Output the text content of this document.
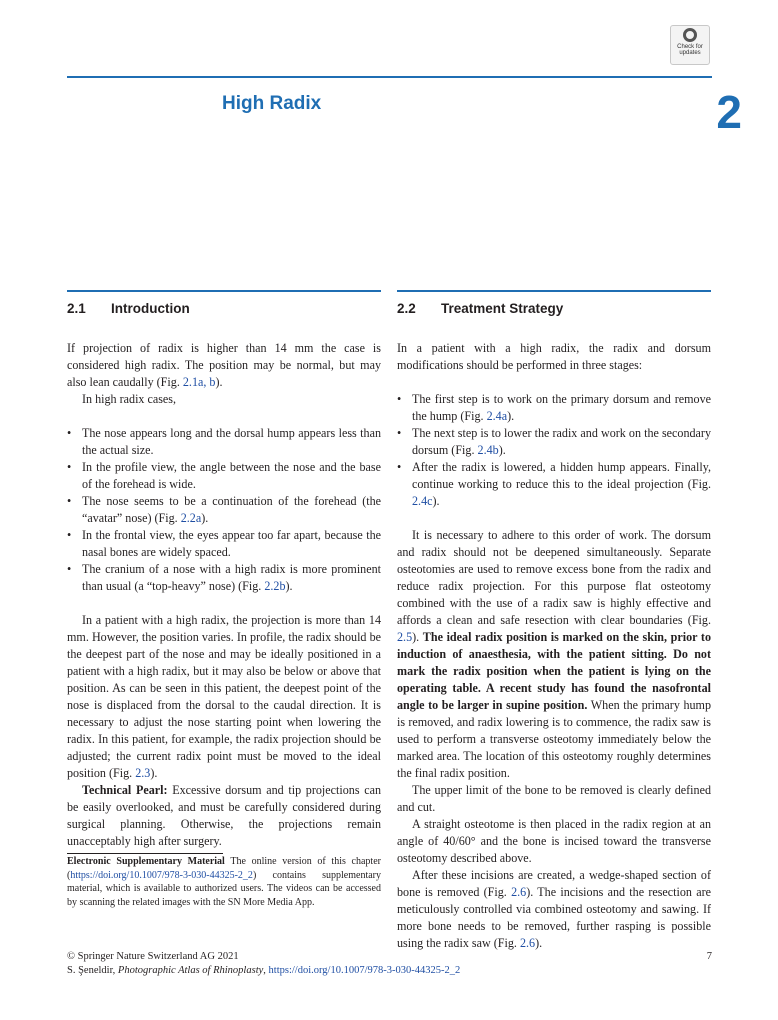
Check for
updates
High Radix	2
2.1 Introduction

If projection of radix is higher than 14 mm the case is considered high radix. The position may be normal, but may also lean caudally (Fig. 2.1a, b).

In high radix cases,

• The nose appears long and the dorsal hump appears less than the actual size.
• In the profile view, the angle between the nose and the base of the forehead is wide.
• The nose seems to be a continuation of the forehead (the “avatar” nose) (Fig. 2.2a).
• In the frontal view, the eyes appear too far apart, because the nasal bones are widely spaced.
• The cranium of a nose with a high radix is more prominent than usual (a “top-heavy” nose) (Fig. 2.2b).

In a patient with a high radix, the projection is more than 14 mm. However, the position varies. In profile, the radix should be the deepest part of the nose and may be ideally positioned in a patient with a high radix, but it may also be below or above that position. As can be seen in this patient, the deepest point of the nose is displaced from the dorsal to the caudal direction. It is necessary to adjust the nose starting point when lowering the radix. In this patient, for example, the radix projection should be adjusted; the current radix point must be moved to the ideal position (Fig. 2.3).

Technical Pearl: Excessive dorsum and tip projections can be easily overlooked, and must be carefully considered during surgical planning. Otherwise, the projections remain unacceptably high after surgery.

2.2 Treatment Strategy

In a patient with a high radix, the radix and dorsum modifications should be performed in three stages:

• The first step is to work on the primary dorsum and remove the hump (Fig. 2.4a).
• The next step is to lower the radix and work on the secondary dorsum (Fig. 2.4b).
• After the radix is lowered, a hidden hump appears. Finally, continue working to reduce this to the ideal projection (Fig. 2.4c).

It is necessary to adhere to this order of work. The dorsum and radix should not be deepened simultaneously. Separate osteotomies are used to remove excess bone from the radix and reduce radix projection. For this purpose flat osteotomy combined with the use of a radix saw is highly effective and affords a clean and safe resection with clear boundaries (Fig. 2.5). The ideal radix position is marked on the skin, prior to induction of anaesthesia, with the patient sitting. Do not mark the radix position when the patient is lying on the operating table. A recent study has found the nasofrontal angle to be larger in supine position. When the primary hump is removed, and radix lowering is to commence, the radix saw is used to perform a transverse osteotomy immediately below the marked area. The location of this osteotomy roughly determines the final radix position.

The upper limit of the bone to be removed is clearly defined and cut.

A straight osteotome is then placed in the radix region at an angle of 40/60° and the bone is incised toward the transverse osteotomy described above.

After these incisions are created, a wedge-shaped section of bone is removed (Fig. 2.6). The incisions and the resection are meticulously controlled via combined osteotomy and sawing. If more bone needs to be removed, further rasping is possible using the radix saw (Fig. 2.6).

Electronic Supplementary Material The online version of this chapter (https://doi.org/10.1007/978-3-030-44325-2_2) contains supplementary material, which is available to authorized users. The videos can be accessed by scanning the related images with the SN More Media App.

© Springer Nature Switzerland AG 2021
S. Şeneldir, Photographic Atlas of Rhinoplasty, https://doi.org/10.1007/978-3-030-44325-2_2
7
